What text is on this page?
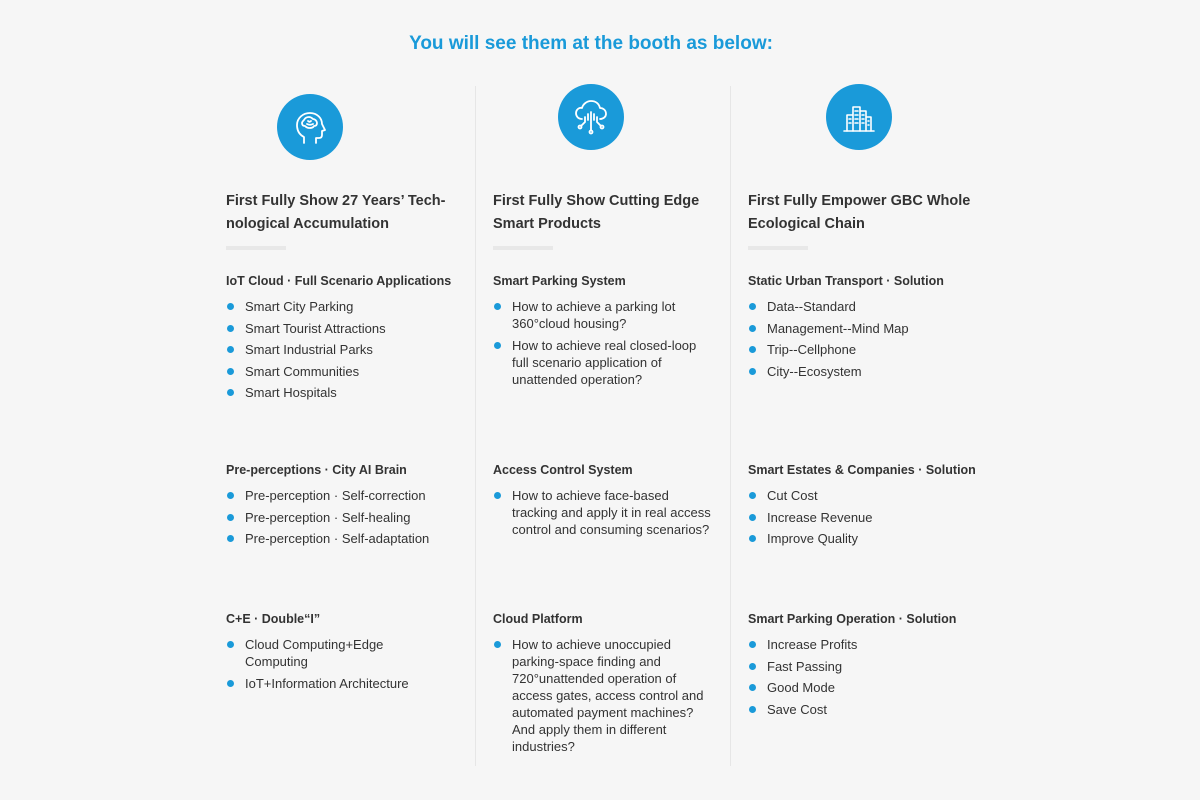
You will see them at the booth as below:
First Fully Show 27 Years’ Tech-nological Accumulation
IoT Cloud · Full Scenario Applications
Smart City Parking
Smart Tourist Attractions
Smart Industrial Parks
Smart Communities
Smart Hospitals
Pre-perceptions · City AI Brain
Pre-perception · Self-correction
Pre-perception · Self-healing
Pre-perception · Self-adaptation
C+E · Double“I”
Cloud Computing+Edge Computing
IoT+Information Architecture
First Fully Show Cutting Edge Smart Products
Smart Parking System
How to achieve a parking lot 360°cloud housing?
How to achieve real closed-loop full scenario application of unattended operation?
Access Control System
How to achieve face-based tracking and apply it in real access control and consuming scenarios?
Cloud Platform
How to achieve unoccupied parking-space finding and 720°unattended operation of access gates, access control and automated payment machines? And apply them in different industries?
First Fully Empower GBC Whole Ecological Chain
Static Urban Transport · Solution
Data--Standard
Management--Mind Map
Trip--Cellphone
City--Ecosystem
Smart Estates & Companies · Solution
Cut Cost
Increase Revenue
Improve Quality
Smart Parking Operation · Solution
Increase Profits
Fast Passing
Good Mode
Save Cost
